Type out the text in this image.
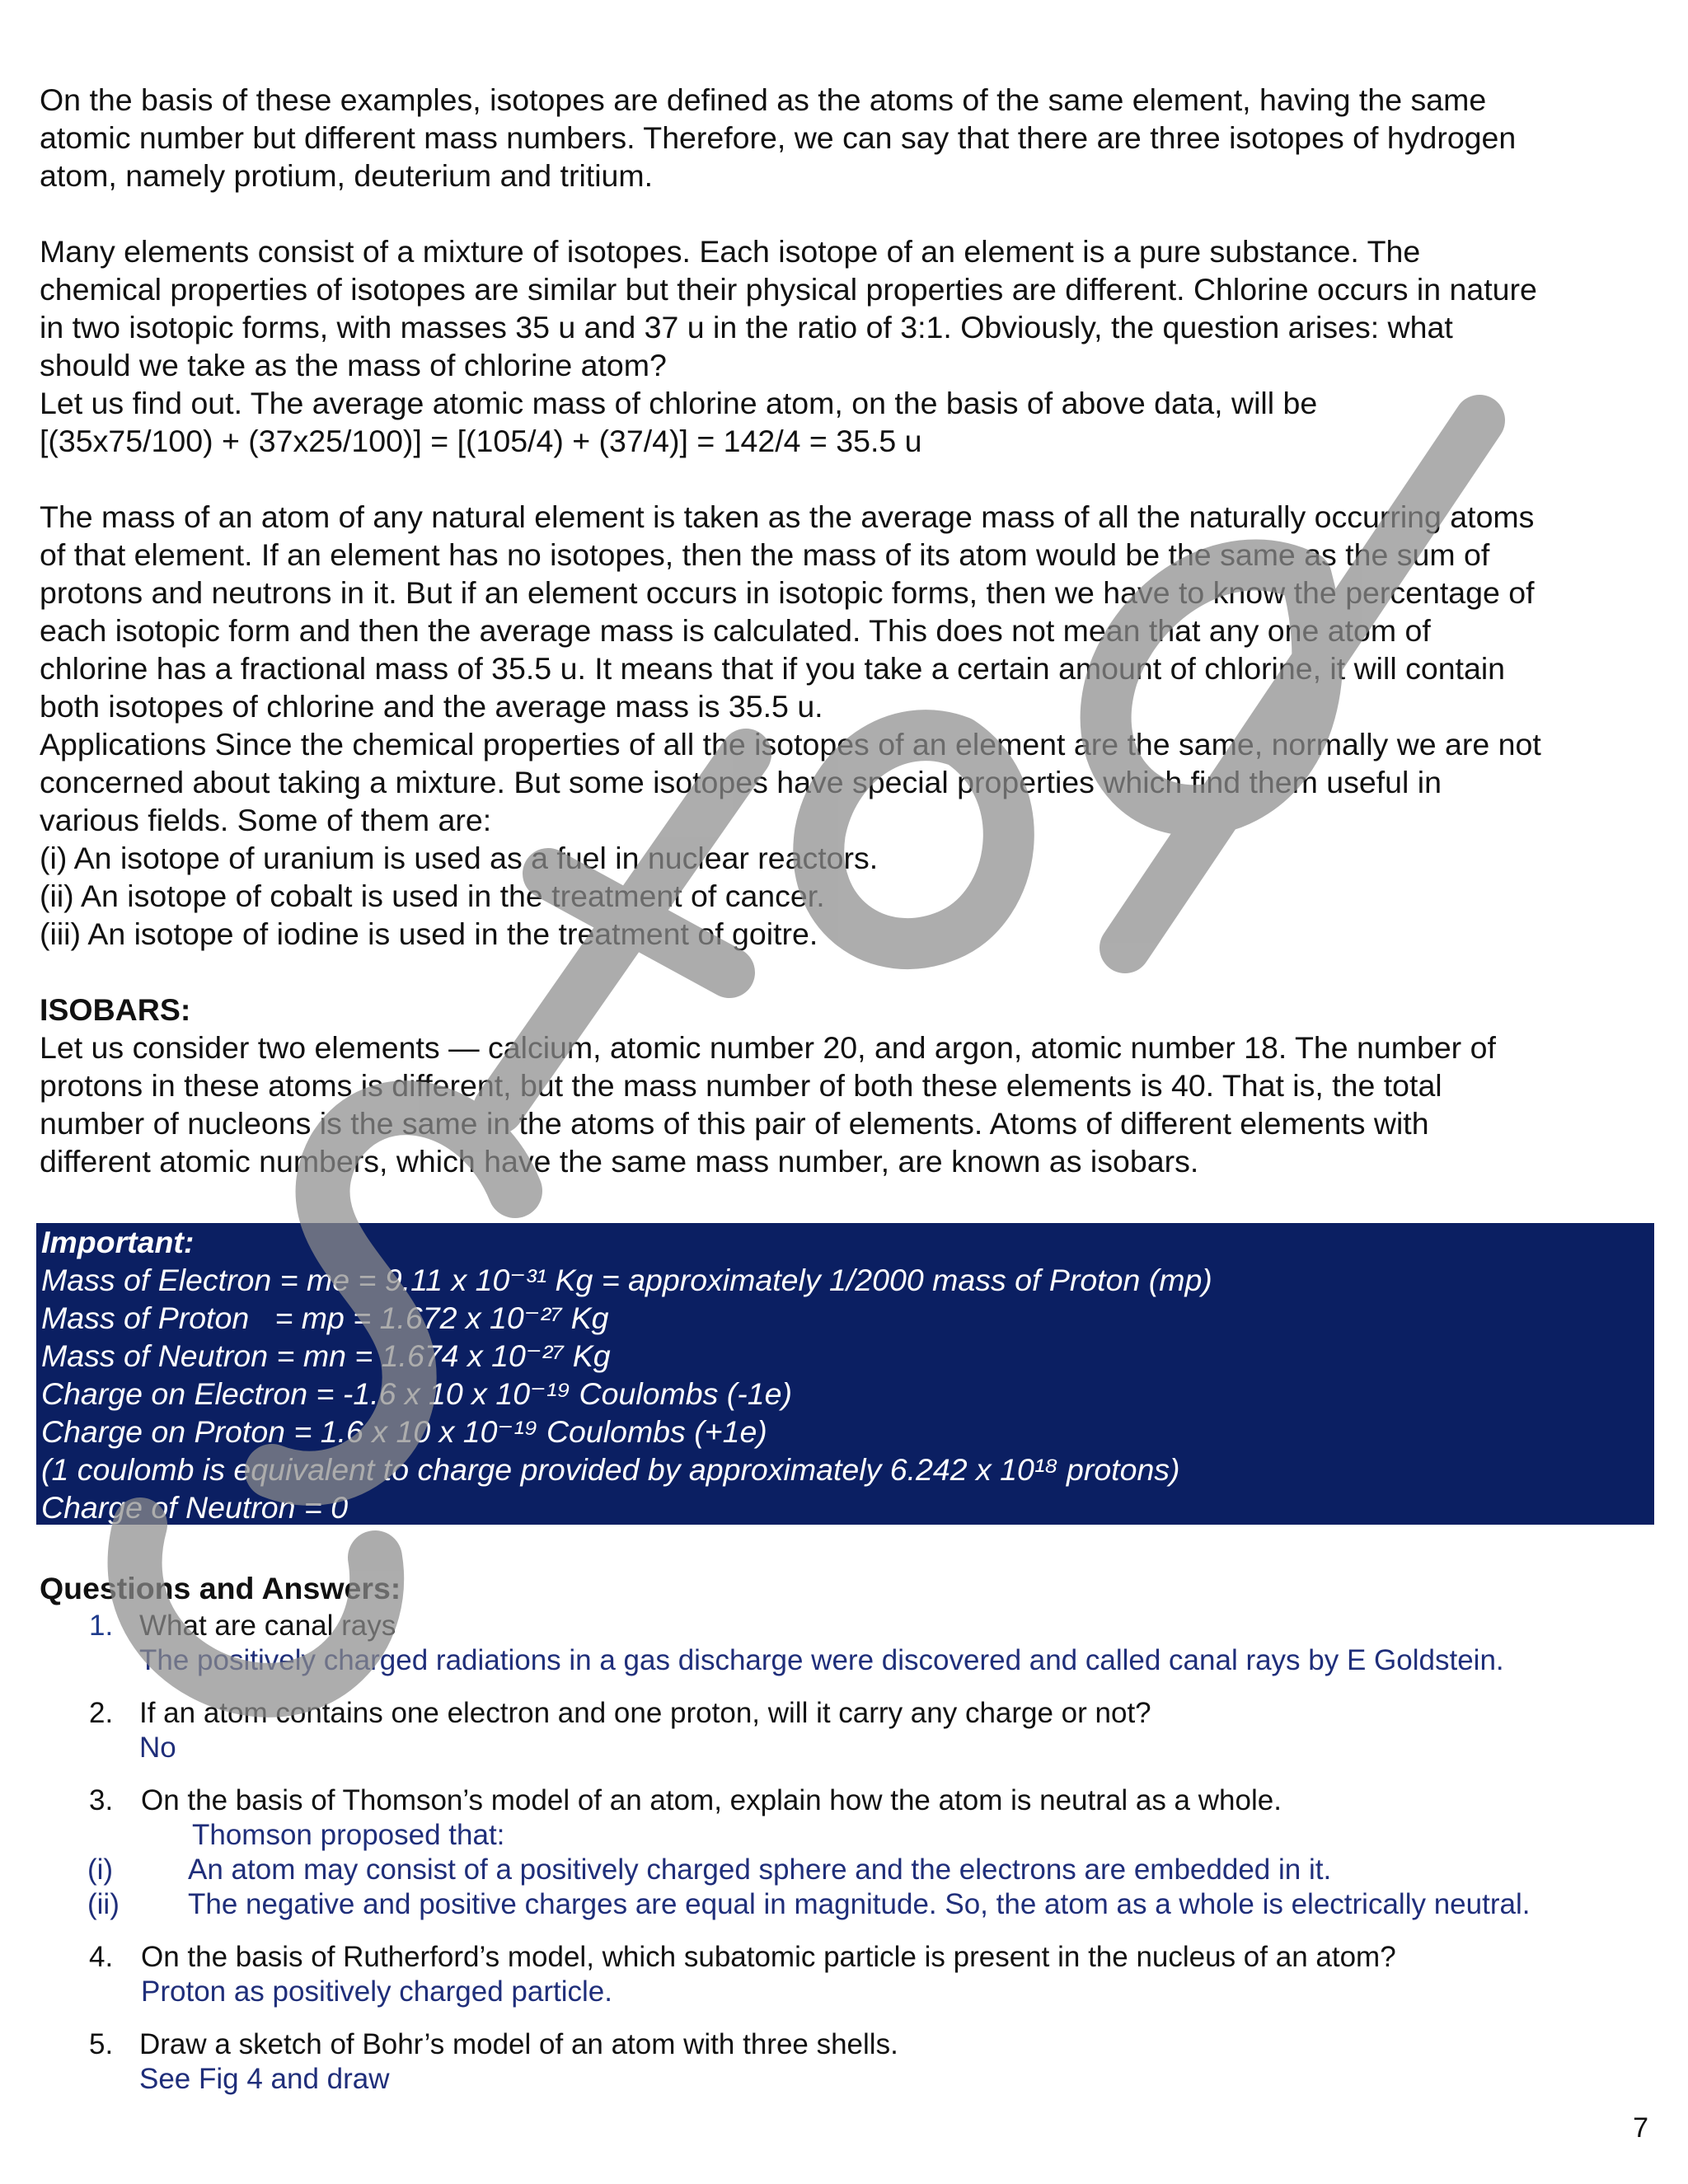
On the basis of these examples, isotopes are defined as the atoms of the same element, having the same
atomic number but different mass numbers. Therefore, we can say that there are three isotopes of hydrogen
atom, namely protium, deuterium and tritium.

Many elements consist of a mixture of isotopes. Each isotope of an element is a pure substance. The
chemical properties of isotopes are similar but their physical properties are different. Chlorine occurs in nature
in two isotopic forms, with masses 35 u and 37 u in the ratio of 3:1. Obviously, the question arises: what
should we take as the mass of chlorine atom?
Let us find out. The average atomic mass of chlorine atom, on the basis of above data, will be
[(35x75/100) + (37x25/100)] = [(105/4) + (37/4)] = 142/4 = 35.5 u

The mass of an atom of any natural element is taken as the average mass of all the naturally occurring atoms
of that element. If an element has no isotopes, then the mass of its atom would be the same as the sum of
protons and neutrons in it. But if an element occurs in isotopic forms, then we have to know the percentage of
each isotopic form and then the average mass is calculated. This does not mean that any one atom of
chlorine has a fractional mass of 35.5 u. It means that if you take a certain amount of chlorine, it will contain
both isotopes of chlorine and the average mass is 35.5 u.
Applications Since the chemical properties of all the isotopes of an element are the same, normally we are not
concerned about taking a mixture. But some isotopes have special properties which find them useful in
various fields. Some of them are:
(i) An isotope of uranium is used as a fuel in nuclear reactors.
(ii) An isotope of cobalt is used in the treatment of cancer.
(iii) An isotope of iodine is used in the treatment of goitre.

ISOBARS:

Let us consider two elements — calcium, atomic number 20, and argon, atomic number 18. The number of
protons in these atoms is different, but the mass number of both these elements is 40. That is, the total
number of nucleons is the same in the atoms of this pair of elements. Atoms of different elements with
different atomic numbers, which have the same mass number, are known as isobars.

Important:
Mass of Electron = me = 9.11 x 10⁻³¹ Kg = approximately 1/2000 mass of Proton (mp)
Mass of Proton   = mp = 1.672 x 10⁻²⁷ Kg
Mass of Neutron = mn = 1.674 x 10⁻²⁷ Kg
Charge on Electron = -1.6 x 10 x 10⁻¹⁹ Coulombs (-1e)
Charge on Proton = 1.6 x 10 x 10⁻¹⁹ Coulombs (+1e)
(1 coulomb is equivalent to charge provided by approximately 6.242 x 10¹⁸ protons)
Charge of Neutron = 0
Questions and Answers:
1. What are canal rays
The positively charged radiations in a gas discharge were discovered and called canal rays by E Goldstein.
2. If an atom contains one electron and one proton, will it carry any charge or not?
No
3. On the basis of Thomson’s model of an atom, explain how the atom is neutral as a whole.
Thomson proposed that:
(i)	An atom may consist of a positively charged sphere and the electrons are embedded in it.
(ii) The negative and positive charges are equal in magnitude. So, the atom as a whole is electrically neutral.
4. On the basis of Rutherford’s model, which subatomic particle is present in the nucleus of an atom?
Proton as positively charged particle.
5. Draw a sketch of Bohr’s model of an atom with three shells.
See Fig 4 and draw
7
